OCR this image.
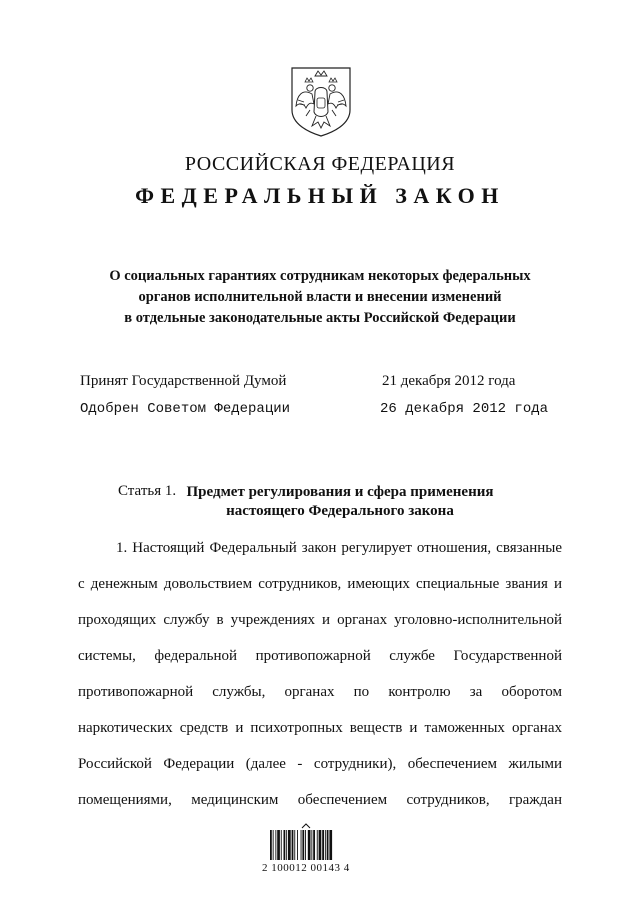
РОССИЙСКАЯ ФЕДЕРАЦИЯ
ФЕДЕРАЛЬНЫЙ ЗАКОН
О социальных гарантиях сотрудникам некоторых федеральных
органов исполнительной власти и внесении изменений
в отдельные законодательные акты Российской Федерации
Принят Государственной Думой	21 декабря 2012 года
Одобрен Советом Федерации	26 декабря 2012 года
Статья 1. Предмет регулирования и сфера применения
настоящего Федерального закона
1. Настоящий Федеральный закон регулирует отношения, связанные
с денежным довольствием сотрудников, имеющих специальные звания и
проходящих службу в учреждениях и органах уголовно-исполнительной
системы, федеральной противопожарной службе Государственной
противопожарной службы, органах по контролю за оборотом
наркотических средств и психотропных веществ и таможенных органах
Российской Федерации (далее - сотрудники), обеспечением жилыми
помещениями, медицинским обеспечением сотрудников, граждан
2 100012 00143 4
